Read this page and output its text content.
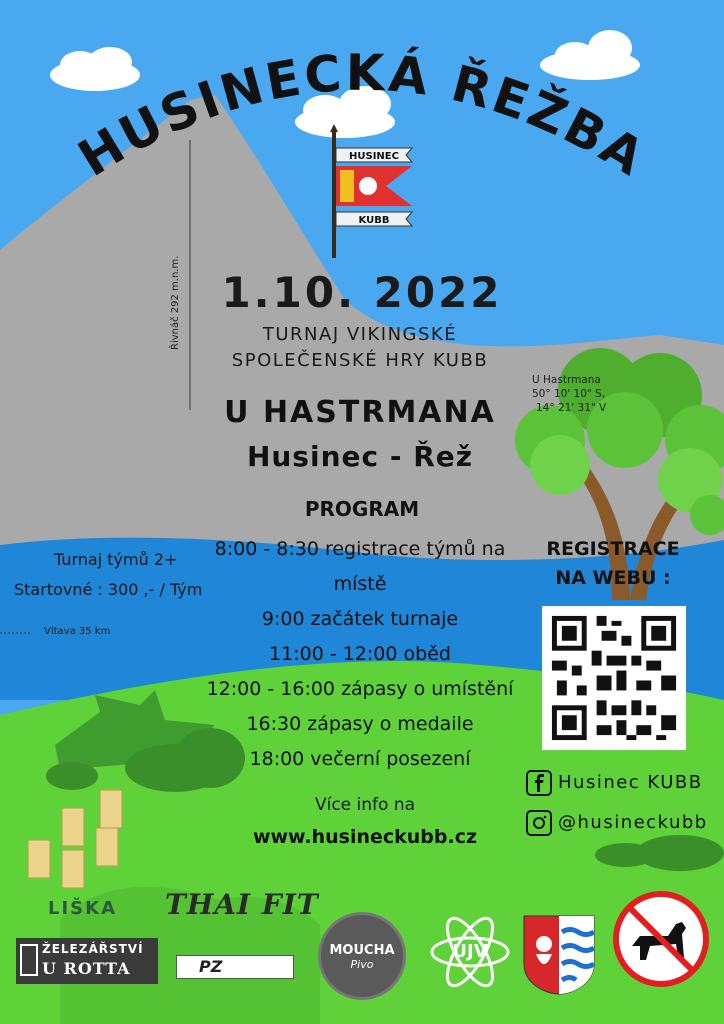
HUSINECKÁ ŘEŽBA
HUSINEC
KUBB
Řivnáč 292 m.n.m.
Vltava 35 km
1.10. 2022
TURNAJ VIKINGSKÉ
SPOLEČENSKÉ HRY KUBB
U HASTRMANA
Husinec - Řež
U Hastrmana
50° 10' 10" S,
14° 21' 31" V
Turnaj týmů 2+
Startovné : 300 ,- / Tým
PROGRAM
8:00 - 8:30 registrace týmů na
místě
9:00 začátek turnaje
11:00 - 12:00 oběd
12:00 - 16:00 zápasy o umístění
16:30 zápasy o medaile
18:00 večerní posezení
REGISTRACE
NA WEBU :
Husinec KUBB
@husineckubb
Více info na
www.husineckubb.cz
LIŠKA THAI FIT
ŽELEZÁŘSTVÍ
U ROTTA	PZ
MOUCHA
Pivo
ÚJV
